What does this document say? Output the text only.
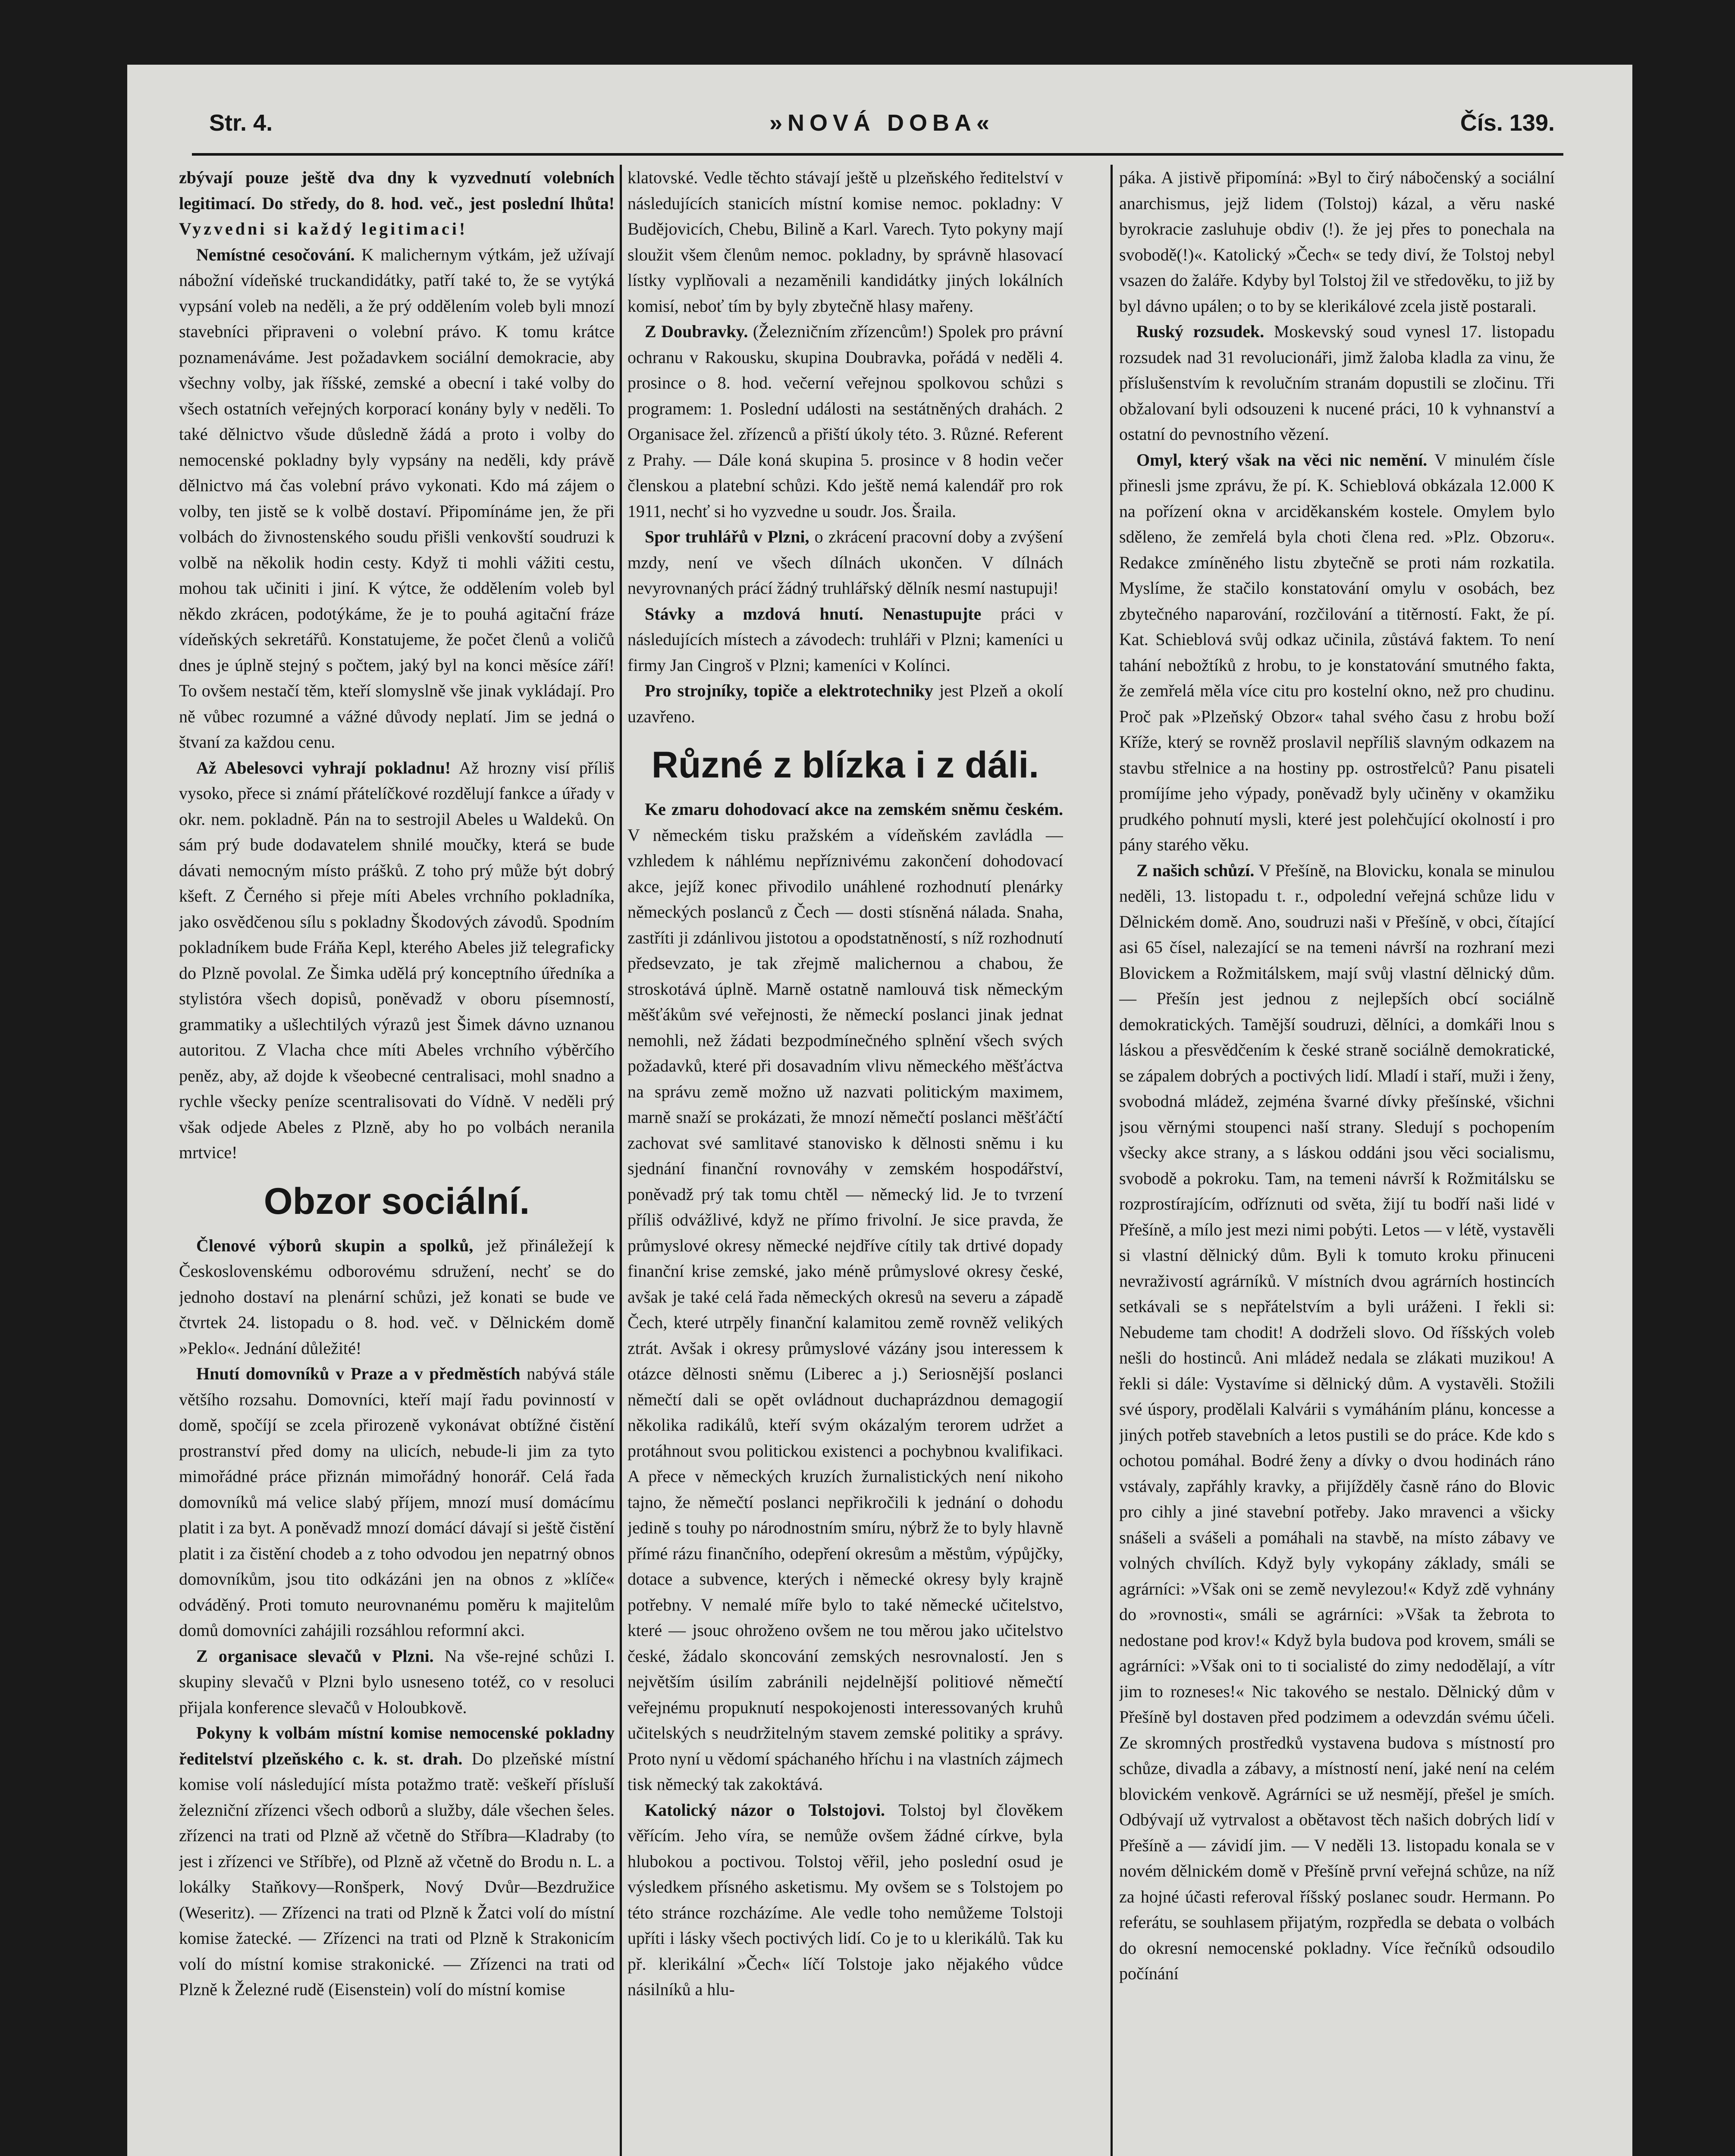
Str. 4.	»NOVÁ DOBA«	Čís. 139.

zbývají pouze ještě dva dny k vyzvednutí volebních legitimací. Do středy, do 8. hod. več., jest poslední lhůta! Vyzvedni si každý legitimaci!

Nemístné cesočování. K malichernym výtkám, jež užívají nábožní vídeňské truckandidátky, patří také to, že se vytýká vypsání voleb na neděli, a že prý oddělením voleb byli mnozí stavebníci připraveni o volební právo. K tomu krátce poznamenáváme. Jest požadavkem sociální demokracie, aby všechny volby, jak říšské, zemské a obecní i také volby do všech ostatních veřejných korporací konány byly v neděli. To také dělnictvo všude důsledně žádá a proto i volby do nemocenské pokladny byly vypsány na neděli, kdy právě dělnictvo má čas volební právo vykonati. Kdo má zájem o volby, ten jistě se k volbě dostaví. Připomínáme jen, že při volbách do živnostenského soudu přišli venkovští soudruzi k volbě na několik hodin cesty. Když ti mohli vážiti cestu, mohou tak učiniti i jiní. K výtce, že oddělením voleb byl někdo zkrácen, podotýkáme, že je to pouhá agitační fráze vídeňských sekretářů. Konstatujeme, že počet členů a voličů dnes je úplně stejný s počtem, jaký byl na konci měsíce září! To ovšem nestačí těm, kteří slomyslně vše jinak vykládají. Pro ně vůbec rozumné a vážné důvody neplatí. Jim se jedná o štvaní za každou cenu.

Až Abelesovci vyhrají pokladnu! Až hrozny visí příliš vysoko, přece si známí přátelíčkové rozdělují fankce a úřady v okr. nem. pokladně. Pán na to sestrojil Abeles u Waldeků. On sám prý bude dodavatelem shnilé moučky, která se bude dávati nemocným místo prášků. Z toho prý může být dobrý kšeft. Z Černého si přeje míti Abeles vrchního pokladníka, jako osvědčenou sílu s pokladny Škodových závodů. Spodním pokladníkem bude Fráňa Kepl, kterého Abeles již telegraficky do Plzně povolal. Ze Šimka udělá prý konceptního úředníka a stylistóra všech dopisů, poněvadž v oboru písemností, grammatiky a ušlechtilých výrazů jest Šimek dávno uznanou autoritou. Z Vlacha chce míti Abeles vrchního výběrčího peněz, aby, až dojde k všeobecné centralisaci, mohl snadno a rychle všecky peníze scentralisovati do Vídně. V neděli prý však odjede Abeles z Plzně, aby ho po volbách neranila mrtvice!

Obzor sociální.

Členové výborů skupin a spolků, jež přináležejí k Československému odborovému sdružení, nechť se do jednoho dostaví na plenární schůzi, jež konati se bude ve čtvrtek 24. listopadu o 8. hod. več. v Dělnickém domě »Peklo«. Jednání důležité!

Hnutí domovníků v Praze a v předměstích nabývá stále většího rozsahu. Domovníci, kteří mají řadu povinností v domě, spočíjí se zcela přirozeně vykonávat obtížné čistění prostranství před domy na ulicích, nebude-li jim za tyto mimořádné práce přiznán mimořádný honorář. Celá řada domovníků má velice slabý příjem, mnozí musí domácímu platit i za byt. A poněvadž mnozí domácí dávají si ještě čistění platit i za čistění chodeb a z toho odvodou jen nepatrný obnos domovníkům, jsou tito odkázáni jen na obnos z »klíče« odváděný. Proti tomuto neurovnanému poměru k majitelům domů domovníci zahájili rozsáhlou reformní akci.

Z organisace slevačů v Plzni. Na vše-rejné schůzi I. skupiny slevačů v Plzni bylo usneseno totéž, co v resoluci přijala konference slevačů v Holoubkově.

Pokyny k volbám místní komise nemocenské pokladny ředitelství plzeňského c. k. st. drah. Do plzeňské místní komise volí následující místa potažmo tratě: veškeří přísluší železniční zřízenci všech odborů a služby, dále všechen šeles. zřízenci na trati od Plzně až včetně do Stříbra—Kladraby (to jest i zřízenci ve Stříbře), od Plzně až včetně do Brodu n. L. a lokálky Staňkovy—Ronšperk, Nový Dvůr—Bezdružice (Weseritz). — Zřízenci na trati od Plzně k Žatci volí do místní komise žatecké. — Zřízenci na trati od Plzně k Strakonicím volí do místní komise strakonické. — Zřízenci na trati od Plzně k Železné rudě (Eisenstein) volí do místní komise

klatovské. Vedle těchto stávají ještě u plzeňského ředitelství v následujících stanicích místní komise nemoc. pokladny: V Budějovicích, Chebu, Bilině a Karl. Varech. Tyto pokyny mají sloužit všem členům nemoc. pokladny, by správně hlasovací lístky vyplňovali a nezaměnili kandidátky jiných lokálních komisí, neboť tím by byly zbytečně hlasy mařeny.

Z Doubravky. (Železničním zřízencům!) Spolek pro právní ochranu v Rakousku, skupina Doubravka, pořádá v neděli 4. prosince o 8. hod. večerní veřejnou spolkovou schůzi s programem: 1. Poslední události na sestátněných drahách. 2 Organisace žel. zřízenců a přiští úkoly této. 3. Různé. Referent z Prahy. — Dále koná skupina 5. prosince v 8 hodin večer členskou a platební schůzi. Kdo ještě nemá kalendář pro rok 1911, nechť si ho vyzvedne u soudr. Jos. Šraila.

Spor truhlářů v Plzni, o zkrácení pracovní doby a zvýšení mzdy, není ve všech dílnách ukončen. V dílnách nevyrovnaných prácí žádný truhlářský dělník nesmí nastupuji!

Stávky a mzdová hnutí. Nenastupujte práci v následujících místech a závodech: truhláři v Plzni; kameníci u firmy Jan Cingroš v Plzni; kameníci v Kolínci.

Pro strojníky, topiče a elektrotechniky jest Plzeň a okolí uzavřeno.

Různé z blízka i z dáli.

Ke zmaru dohodovací akce na zemském sněmu českém. V německém tisku pražském a vídeňském zavládla — vzhledem k náhlému nepříznivému zakončení dohodovací akce, jejíž konec přivodilo unáhlené rozhodnutí plenárky německých poslanců z Čech — dosti stísněná nálada. Snaha, zastříti ji zdánlivou jistotou a opodstatněností, s níž rozhodnutí předsevzato, je tak zřejmě malichernou a chabou, že stroskotává úplně. Marně ostatně namlouvá tisk německým měšťákům své veřejnosti, že německí poslanci jinak jednat nemohli, než žádati bezpodmínečného splnění všech svých požadavků, které při dosavadním vlivu německého měšťáctva na správu země možno už nazvati politickým maximem, marně snaží se prokázati, že mnozí němečtí poslanci měšťáčtí zachovat své samlitavé stanovisko k dělnosti sněmu i ku sjednání finanční rovnováhy v zemském hospodářství, poněvadž prý tak tomu chtěl — německý lid. Je to tvrzení příliš odvážlivé, když ne přímo frivolní. Je sice pravda, že průmyslové okresy německé nejdříve cítily tak drtivé dopady finanční krise zemské, jako méně průmyslové okresy české, avšak je také celá řada německých okresů na severu a západě Čech, které utrpěly finanční kalamitou země rovněž velikých ztrát. Avšak i okresy průmyslové vázány jsou interessem k otázce dělnosti sněmu (Liberec a j.) Seriosnější poslanci němečtí dali se opět ovládnout duchaprázdnou demagogií několika radikálů, kteří svým okázalým terorem udržet a protáhnout svou politickou existenci a pochybnou kvalifikaci. A přece v německých kruzích žurnalistických není nikoho tajno, že němečtí poslanci nepřikročili k jednání o dohodu jedině s touhy po národnostním smíru, nýbrž že to byly hlavně přímé rázu finančního, odepření okresům a městům, výpůjčky, dotace a subvence, kterých i německé okresy byly krajně potřebny. V nemalé míře bylo to také německé učitelstvo, které — jsouc ohroženo ovšem ne tou měrou jako učitelstvo české, žádalo skoncování zemských nesrovnalostí. Jen s největším úsilím zabránili nejdelnější politiové němečtí veřejnému propuknutí nespokojenosti interessovaných kruhů učitelských s neudržitelným stavem zemské politiky a správy. Proto nyní u vědomí spáchaného hříchu i na vlastních zájmech tisk německý tak zakoktává.

Katolický názor o Tolstojovi. Tolstoj byl člověkem věřícím. Jeho víra, se nemůže ovšem žádné církve, byla hlubokou a poctivou. Tolstoj věřil, jeho poslední osud je výsledkem přísného asketismu. My ovšem se s Tolstojem po této stránce rozcházíme. Ale vedle toho nemůžeme Tolstoji upříti i lásky všech poctivých lidí. Co je to u klerikálů. Tak ku př. klerikální »Čech« líčí Tolstoje jako nějakého vůdce násilníků a hlu-

páka. A jistivě připomíná: »Byl to čirý nábočenský a sociální anarchismus, jejž lidem (Tolstoj) kázal, a věru naské byrokracie zasluhuje obdiv (!). že jej přes to ponechala na svobodě(!)«. Katolický »Čech« se tedy diví, že Tolstoj nebyl vsazen do žaláře. Kdyby byl Tolstoj žil ve středověku, to již by byl dávno upálen; o to by se klerikálové zcela jistě postarali.

Ruský rozsudek. Moskevský soud vynesl 17. listopadu rozsudek nad 31 revolucionáři, jimž žaloba kladla za vinu, že příslušenstvím k revolučním stranám dopustili se zločinu. Tři obžalovaní byli odsouzeni k nucené práci, 10 k vyhnanství a ostatní do pevnostního vězení.

Omyl, který však na věci nic nemění. V minulém čísle přinesli jsme zprávu, že pí. K. Schieblová obkázala 12.000 K na pořízení okna v arciděkanském kostele. Omylem bylo sděleno, že zemřelá byla choti člena red. »Plz. Obzoru«. Redakce zmíněného listu zbytečně se proti nám rozkatila. Myslíme, že stačilo konstatování omylu v osobách, bez zbytečného naparování, rozčilování a titěrností. Fakt, že pí. Kat. Schieblová svůj odkaz učinila, zůstává faktem. To není tahání nebožtíků z hrobu, to je konstatování smutného fakta, že zemřelá měla více citu pro kostelní okno, než pro chudinu. Proč pak »Plzeňský Obzor« tahal svého času z hrobu boží Kříže, který se rovněž proslavil nepříliš slavným odkazem na stavbu střelnice a na hostiny pp. ostrostřelců? Panu pisateli promíjíme jeho výpady, poněvadž byly učiněny v okamžiku prudkého pohnutí mysli, které jest polehčující okolností i pro pány starého věku.

Z našich schůzí. V Přešíně, na Blovicku, konala se minulou neděli, 13. listopadu t. r., odpolední veřejná schůze lidu v Dělnickém domě. Ano, soudruzi naši v Přešíně, v obci, čítající asi 65 čísel, nalezající se na temeni návrší na rozhraní mezi Blovickem a Rožmitálskem, mají svůj vlastní dělnický dům. — Přešín jest jednou z nejlepších obcí sociálně demokratických. Tamější soudruzi, dělníci, a domkáři lnou s láskou a přesvědčením k české straně sociálně demokratické, se zápalem dobrých a poctivých lidí. Mladí i staří, muži i ženy, svobodná mládež, zejména švarné dívky přešínské, všichni jsou věrnými stoupenci naší strany. Sledují s pochopením všecky akce strany, a s láskou oddáni jsou věci socialismu, svobodě a pokroku. Tam, na temeni návrší k Rožmitálsku se rozprostírajícím, odříznuti od světa, žijí tu bodří naši lidé v Přešíně, a mílo jest mezi nimi pobýti. Letos — v létě, vystavěli si vlastní dělnický dům. Byli k tomuto kroku přinuceni nevraživostí agrárníků. V místních dvou agrárních hostincích setkávali se s nepřátelstvím a byli uráženi. I řekli si: Nebudeme tam chodit! A dodrželi slovo. Od říšských voleb nešli do hostinců. Ani mládež nedala se zlákati muzikou! A řekli si dále: Vystavíme si dělnický dům. A vystavěli. Stožili své úspory, prodělali Kalvárii s vymáháním plánu, koncesse a jiných potřeb stavebních a letos pustili se do práce. Kde kdo s ochotou pomáhal. Bodré ženy a dívky o dvou hodinách ráno vstávaly, zapřáhly kravky, a přijížděly časně ráno do Blovic pro cihly a jiné stavební potřeby. Jako mravenci a všicky snášeli a svášeli a pomáhali na stavbě, na místo zábavy ve volných chvílích. Když byly vykopány základy, smáli se agrárníci: »Však oni se země nevylezou!« Když zdě vyhnány do »rovnosti«, smáli se agrárníci: »Však ta žebrota to nedostane pod krov!« Když byla budova pod krovem, smáli se agrárníci: »Však oni to ti socialisté do zimy nedodělají, a vítr jim to rozneses!« Nic takového se nestalo. Dělnický dům v Přešíně byl dostaven před podzimem a odevzdán svému účeli. Ze skromných prostředků vystavena budova s místností pro schůze, divadla a zábavy, a místností není, jaké není na celém blovickém venkově. Agrárníci se už nesmějí, přešel je smích. Odbývají už vytrvalost a obětavost těch našich dobrých lidí v Přešíně a — závidí jim. — V neděli 13. listopadu konala se v novém dělnickém domě v Přešíně první veřejná schůze, na níž za hojné účasti referoval říšský poslanec soudr. Hermann. Po referátu, se souhlasem přijatým, rozpředla se debata o volbách do okresní nemocenské pokladny. Více řečníků odsoudilo počínání
